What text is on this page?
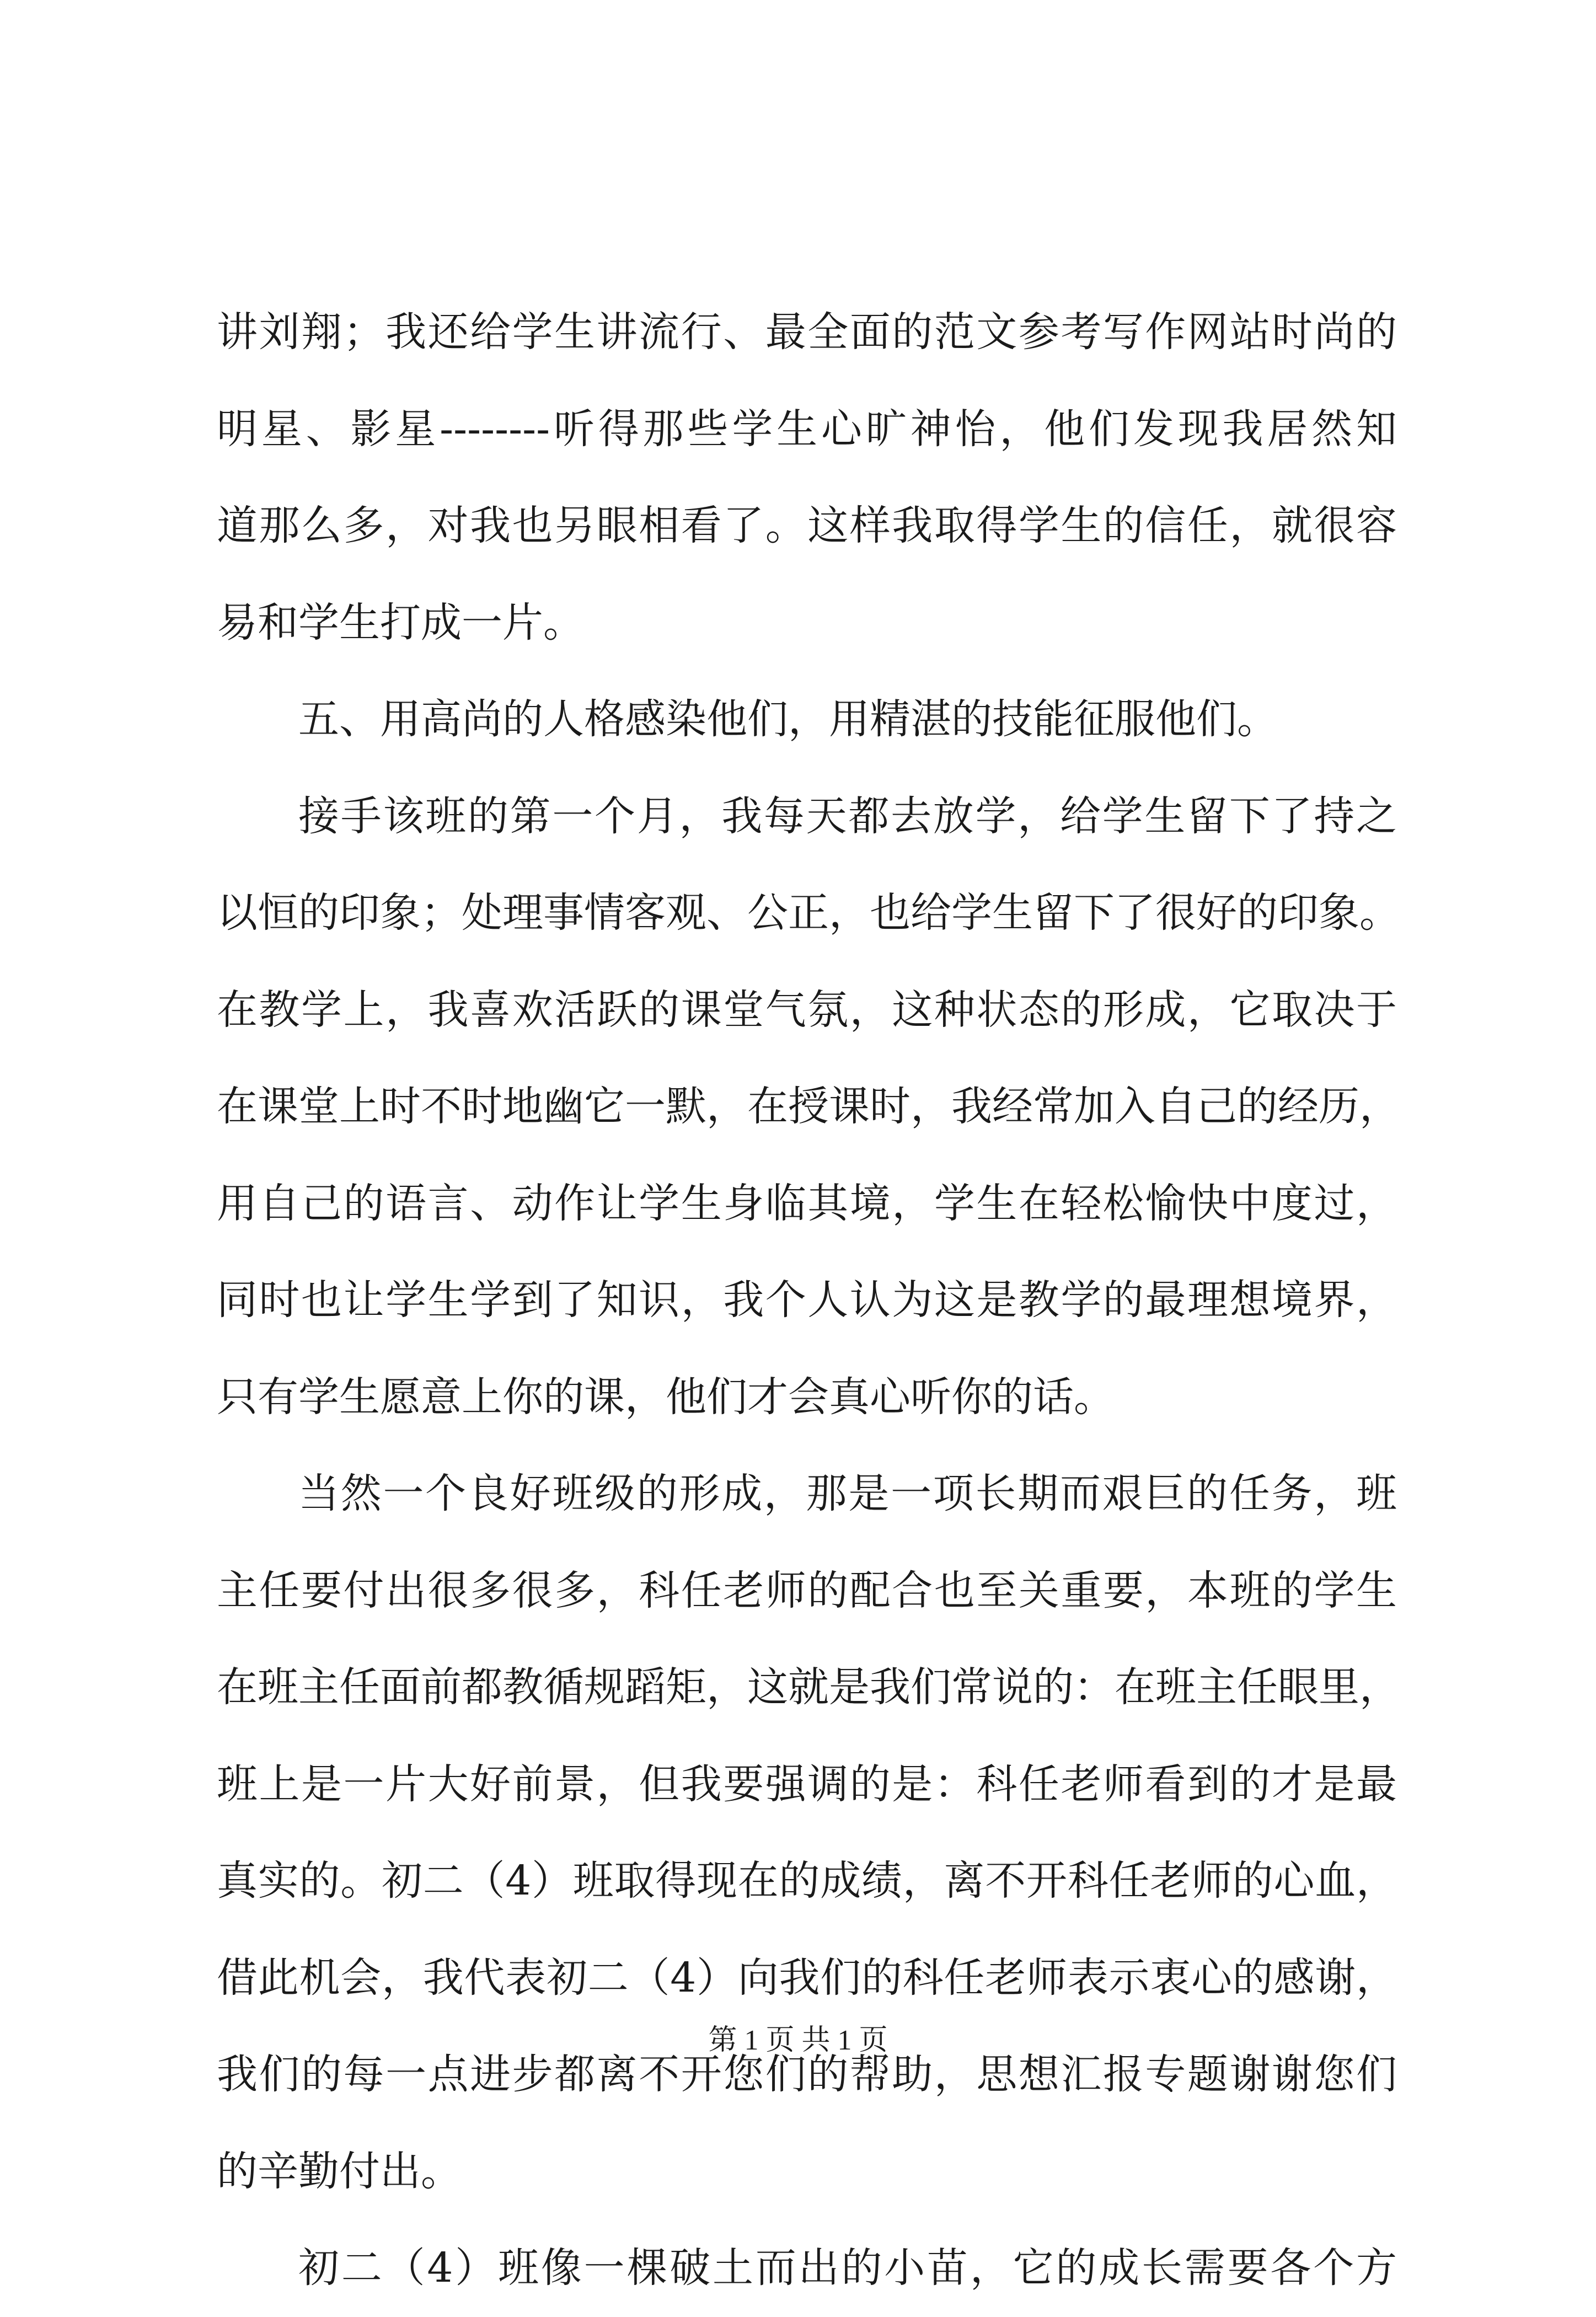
讲刘翔；我还给学生讲流行、最全面的范文参考写作网站时尚的
明星、影星--------听得那些学生心旷神怡，他们发现我居然知
道那么多，对我也另眼相看了。这样我取得学生的信任，就很容
易和学生打成一片。
五、用高尚的人格感染他们，用精湛的技能征服他们。
接手该班的第一个月，我每天都去放学，给学生留下了持之
以恒的印象；处理事情客观、公正，也给学生留下了很好的印象。
在教学上，我喜欢活跃的课堂气氛，这种状态的形成，它取决于
在课堂上时不时地幽它一默，在授课时，我经常加入自己的经历，
用自己的语言、动作让学生身临其境，学生在轻松愉快中度过，
同时也让学生学到了知识，我个人认为这是教学的最理想境界，
只有学生愿意上你的课，他们才会真心听你的话。
当然一个良好班级的形成，那是一项长期而艰巨的任务，班
主任要付出很多很多，科任老师的配合也至关重要，本班的学生
在班主任面前都教循规蹈矩，这就是我们常说的：在班主任眼里，
班上是一片大好前景，但我要强调的是：科任老师看到的才是最
真实的。初二（4）班取得现在的成绩，离不开科任老师的心血，
借此机会，我代表初二（4）向我们的科任老师表示衷心的感谢，
我们的每一点进步都离不开您们的帮助，思想汇报专题谢谢您们
的辛勤付出。
初二（4）班像一棵破土而出的小苗，它的成长需要各个方
第 1 页 共 1 页
